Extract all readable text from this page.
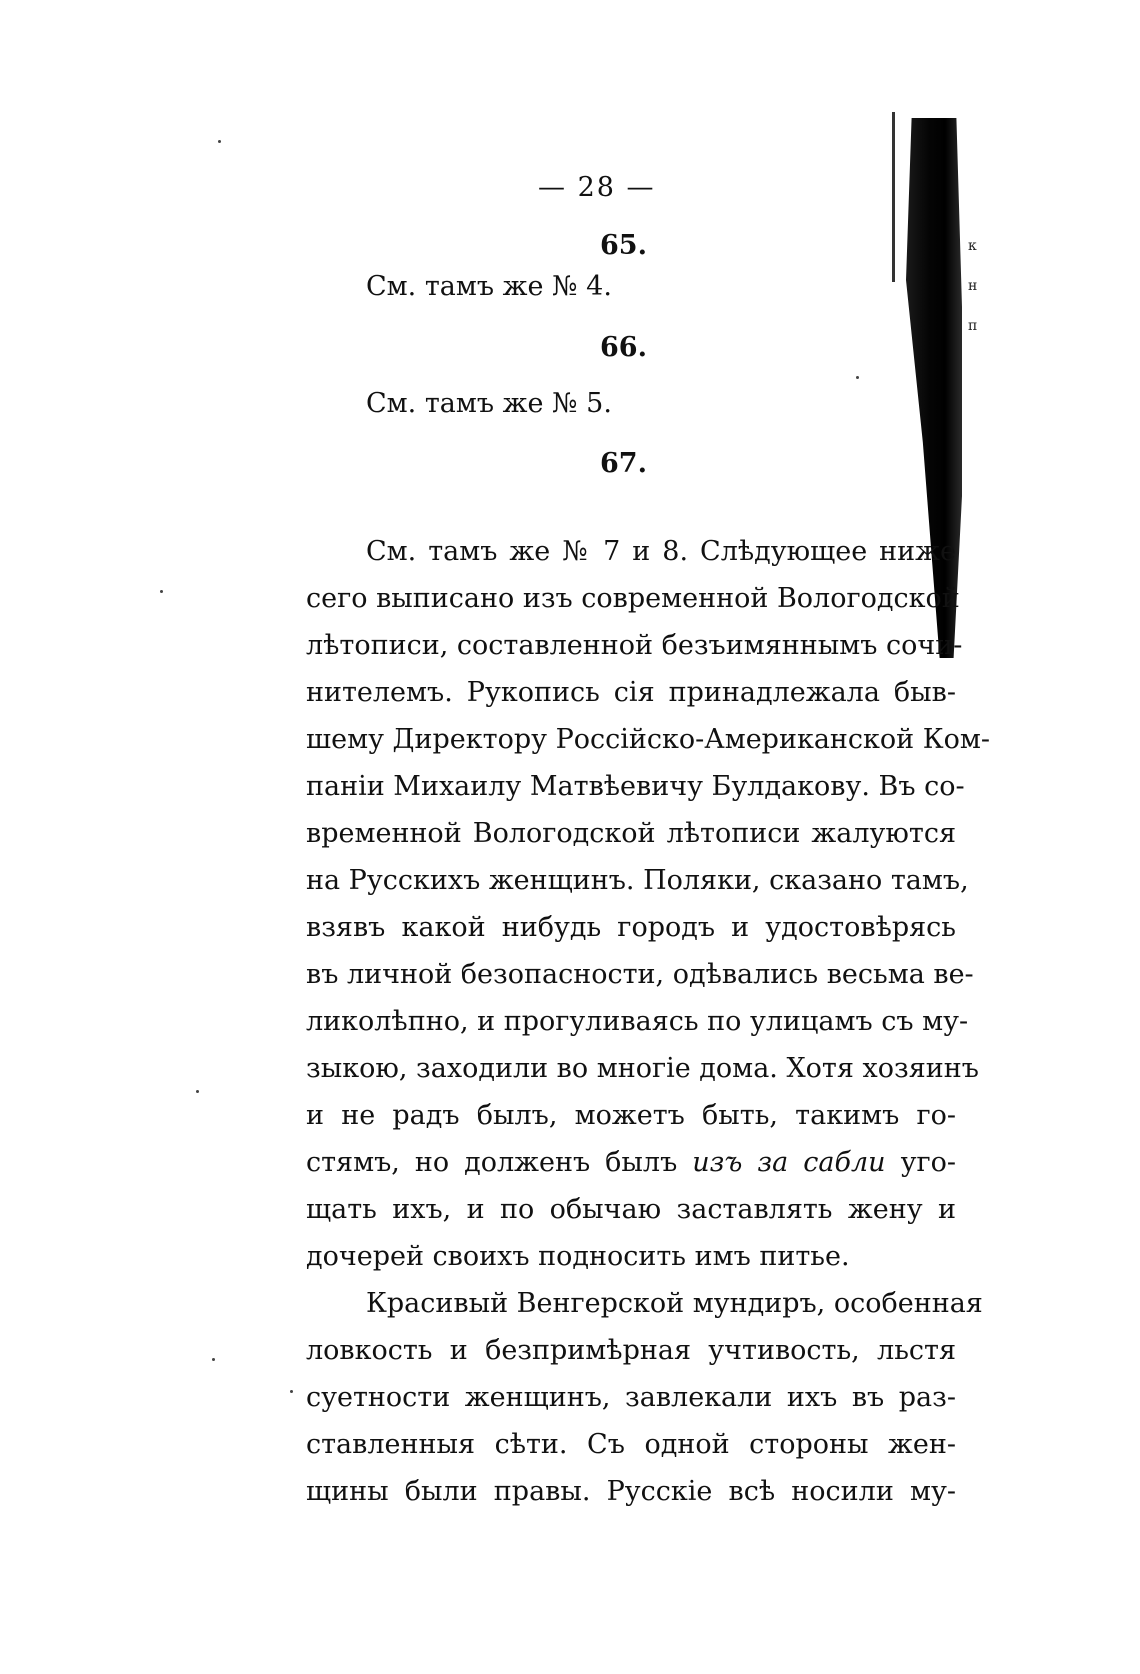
к
н
п
— 28 —
65.
См. тамъ же № 4.
66.
См. тамъ же № 5.
67.
См. тамъ же № 7 и 8. Слѣдующее ниже
сего выписано изъ современной Вологодской
лѣтописи, составленной безъимяннымъ сочи-
нителемъ. Рукопись сія принадлежала быв-
шему Директору Россійско-Американской Ком-
паніи Михаилу Матвѣевичу Булдакову. Въ со-
временной Вологодской лѣтописи жалуются
на Русскихъ женщинъ. Поляки, сказано тамъ,
взявъ какой нибудь городъ и удостовѣрясь
въ личной безопасности, одѣвались весьма ве-
ликолѣпно, и прогуливаясь по улицамъ съ му-
зыкою, заходили во многіе дома. Хотя хозяинъ
и не радъ былъ, можетъ быть, такимъ го-
стямъ, но долженъ былъ изъ за сабли уго-
щать ихъ, и по обычаю заставлять жену и
дочерей своихъ подносить имъ питье.
Красивый Венгерской мундиръ, особенная
ловкость и безпримѣрная учтивость, льстя
суетности женщинъ, завлекали ихъ въ раз-
ставленныя сѣти. Съ одной стороны жен-
щины были правы. Русскіе всѣ носили му-
